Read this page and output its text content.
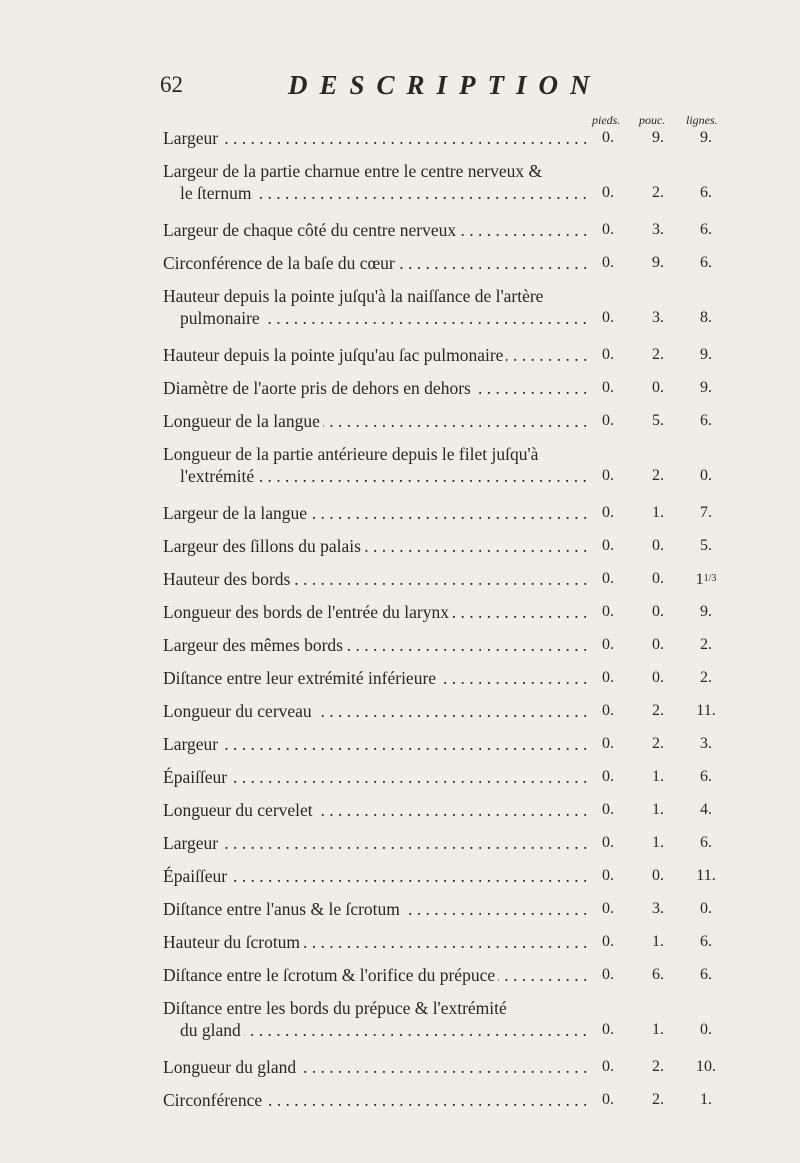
62	DESCRIPTION
pieds. pouc. lignes.
Largeur . . .	0.	9.	9.
Largeur de la partie charnue entre le centre nerveux &
le ſternum . . .	0.	2.	6.
Largeur de chaque côté du centre nerveux . . .	0.	3.	6.
Circonférence de la baſe du cœur . . .	0.	9.	6.
Hauteur depuis la pointe juſqu'à la naiſſance de l'artère
pulmonaire . . .	0.	3.	8.
Hauteur depuis la pointe juſqu'au ſac pulmonaire . . .	0.	2.	9.
Diamètre de l'aorte pris de dehors en dehors . . .	0.	0.	9.
Longueur de la langue . . .	0.	5.	6.
Longueur de la partie antérieure depuis le filet juſqu'à
l'extrémité . . .	0.	2.	0.
Largeur de la langue . . .	0.	1.	7.
Largeur des ſillons du palais . . .	0.	0.	5.
Hauteur des bords . . .	0.	0.	11/3
Longueur des bords de l'entrée du larynx . . .	0.	0.	9.
Largeur des mêmes bords . . .	0.	0.	2.
Diſtance entre leur extrémité inférieure . . .	0.	0.	2.
Longueur du cerveau . . .	0.	2.	11.
Largeur . . .	0.	2.	3.
Épaiſſeur . . .	0.	1.	6.
Longueur du cervelet . . .	0.	1.	4.
Largeur . . .	0.	1.	6.
Épaiſſeur . . .	0.	0.	11.
Diſtance entre l'anus & le ſcrotum . . .	0.	3.	0.
Hauteur du ſcrotum . . .	0.	1.	6.
Diſtance entre le ſcrotum & l'orifice du prépuce . . .	0.	6.	6.
Diſtance entre les bords du prépuce & l'extrémité
du gland . . .	0.	1.	0.
Longueur du gland . . .	0.	2.	10.
Circonférence . . .	0.	2.	1.
